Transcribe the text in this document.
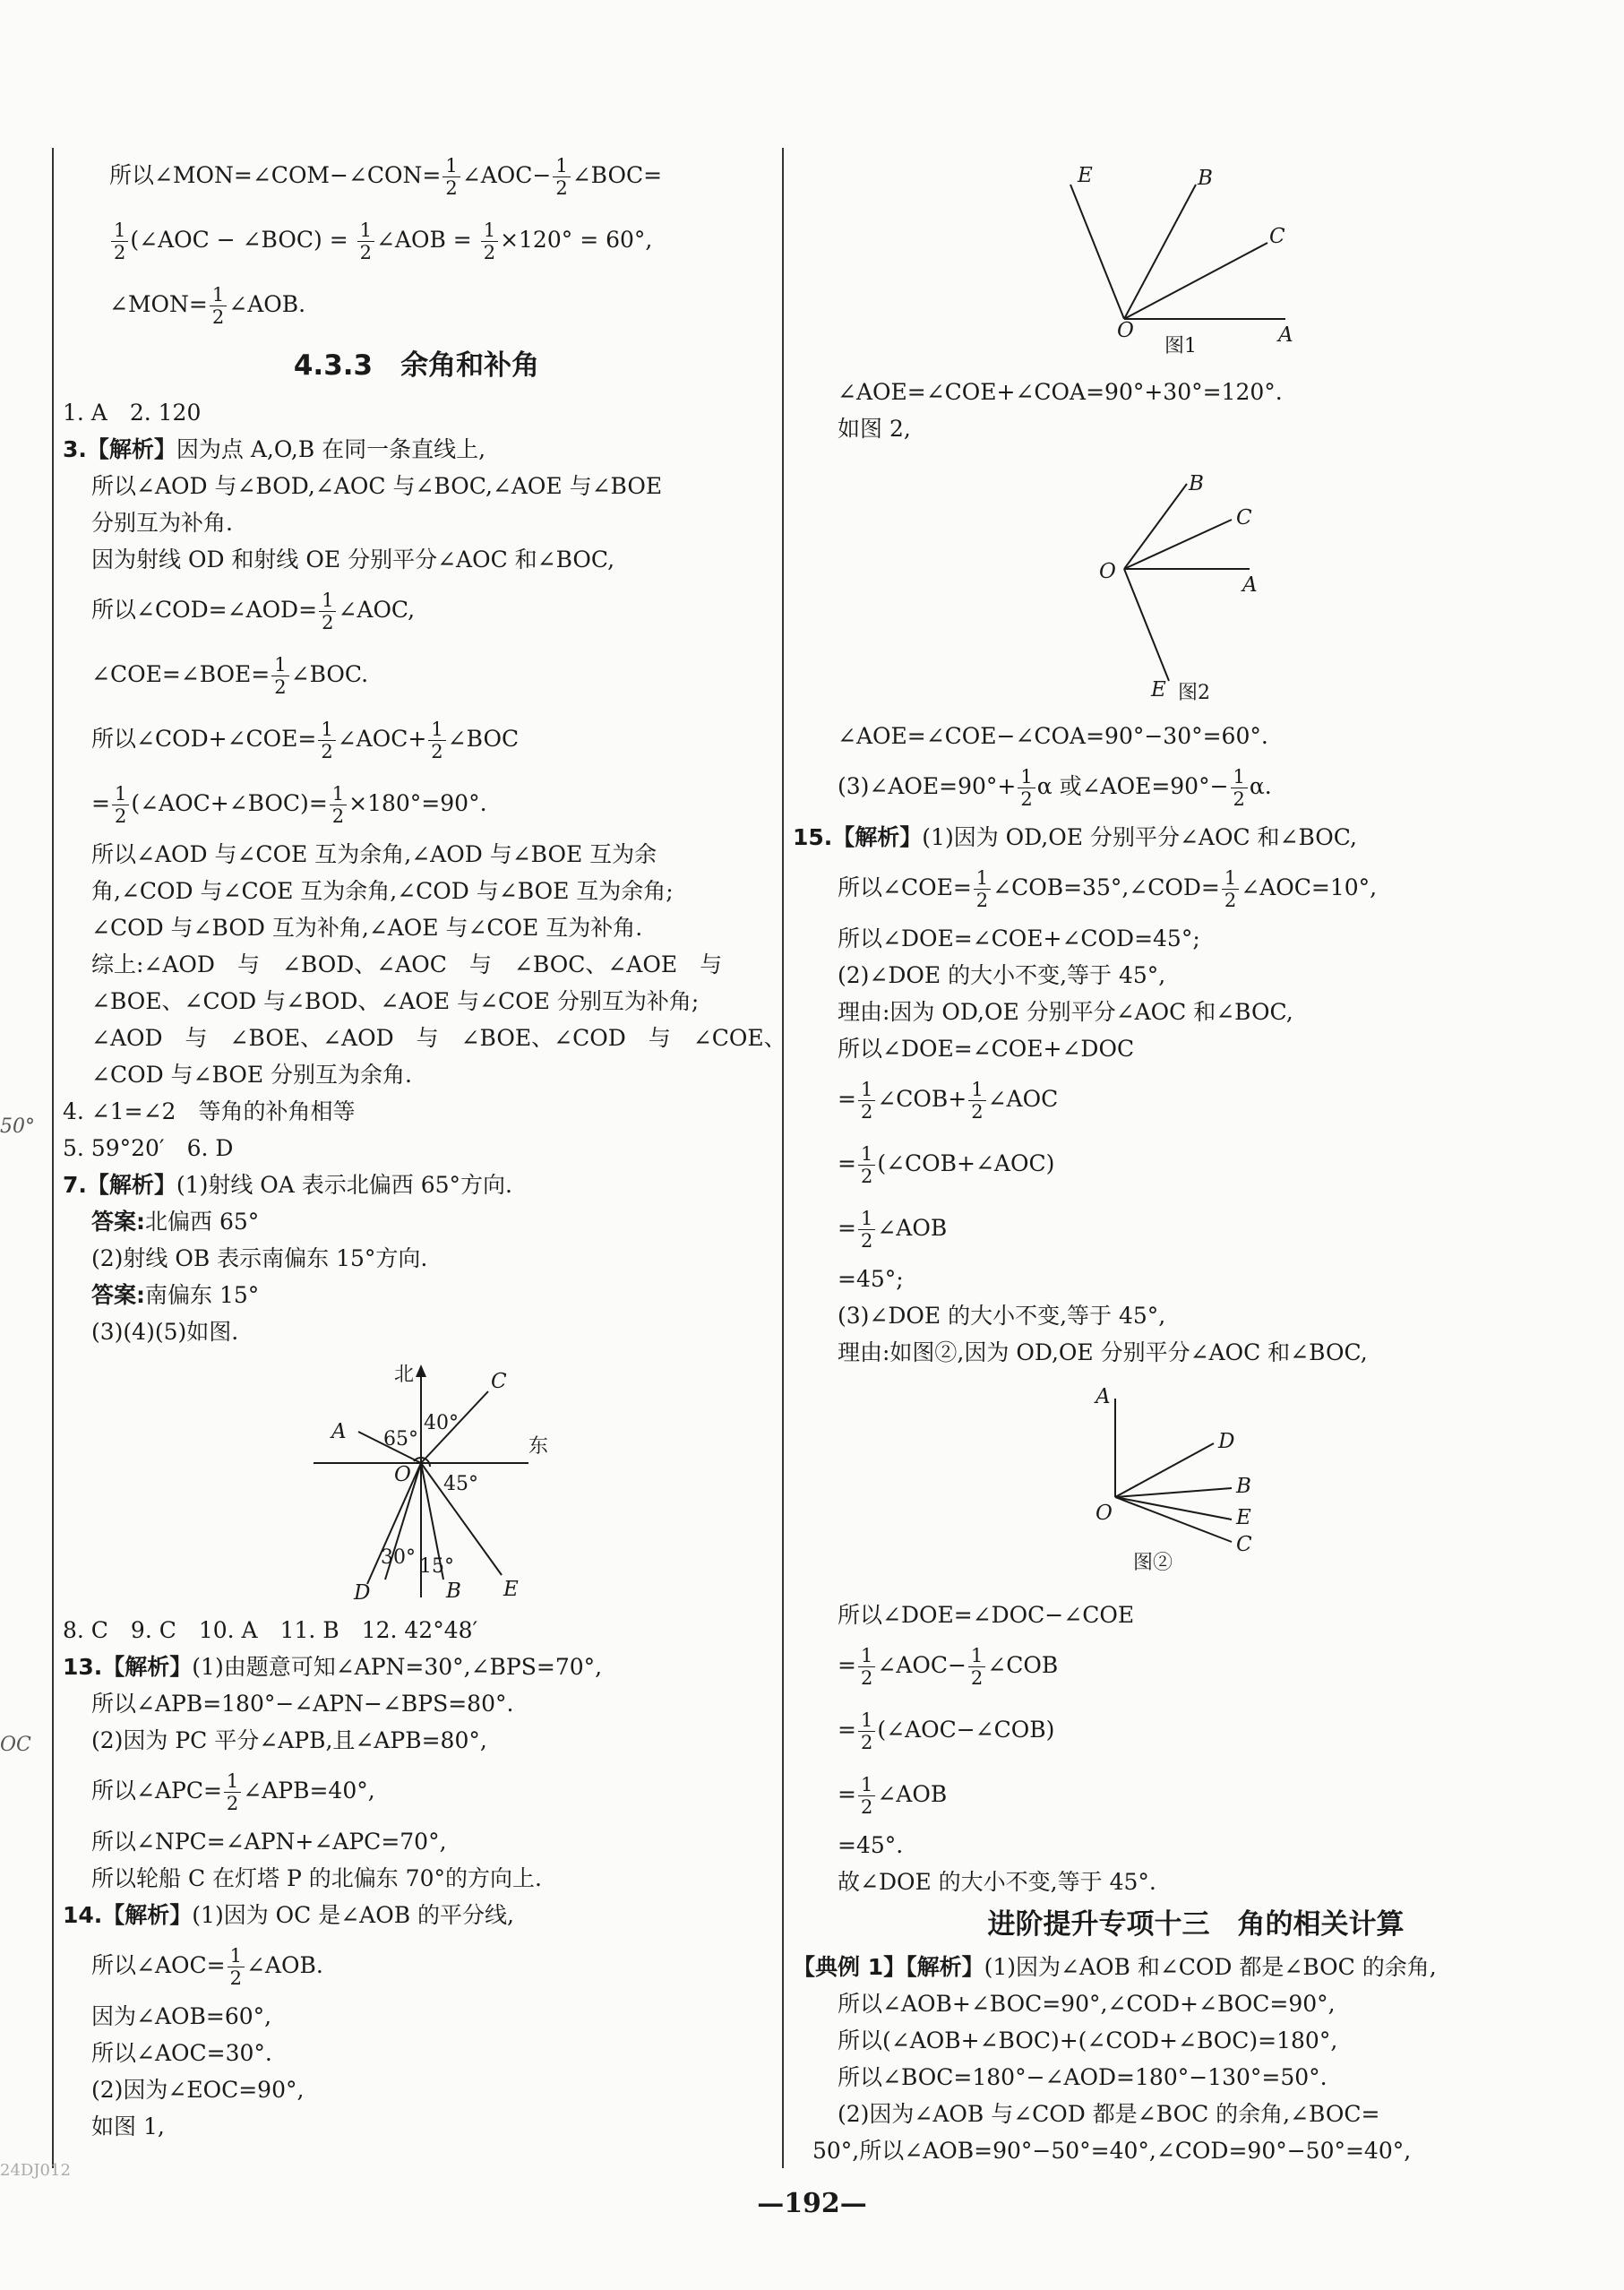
50°
OC
24DJ012
所以∠MON=∠COM−∠CON= $\frac{1}{2}$ ∠AOC− $\frac{1}{2}$ ∠BOC=
$\frac{1}{2}$ (∠AOC − ∠BOC) = $\frac{1}{2}$ ∠AOB = $\frac{1}{2} \times 120^\circ = 60^\circ$,
∠MON= $\frac{1}{2}$ ∠AOB.
4.3.3　余角和补角
1. A　2. 120
3.【解析】因为点 A,O,B 在同一条直线上,
所以∠AOD 与∠BOD,∠AOC 与∠BOC,∠AOE 与∠BOE
分别互为补角.
因为射线 OD 和射线 OE 分别平分∠AOC 和∠BOC,
所以∠COD=∠AOD= $\frac{1}{2}$ ∠AOC,
∠COE=∠BOE= $\frac{1}{2}$ ∠BOC.
所以∠COD+∠COE= $\frac{1}{2}$ ∠AOC+ $\frac{1}{2}$ ∠BOC
= $\frac{1}{2}$ (∠AOC+∠BOC)= $\frac{1}{2} \times 180^\circ=90^\circ$.
所以∠AOD 与∠COE 互为余角,∠AOD 与∠BOE 互为余
角,∠COD 与∠COE 互为余角,∠COD 与∠BOE 互为余角;
∠COD 与∠BOD 互为补角,∠AOE 与∠COE 互为补角.
综上:∠AOD　与　∠BOD、∠AOC　与　∠BOC、∠AOE　与
∠BOE、∠COD 与∠BOD、∠AOE 与∠COE 分别互为补角;
∠AOD　与　∠BOE、∠AOD　与　∠BOE、∠COD　与　∠COE、
∠COD 与∠BOE 分别互为余角.
4. ∠1=∠2　等角的补角相等
5. 59°20′　6. D
7.【解析】(1)射线 OA 表示北偏西 65°方向.
答案:北偏西 65°
(2)射线 OB 表示南偏东 15°方向.
答案:南偏东 15°
(3)(4)(5)如图.
北
东
A
C
B E
D
O
65°
40°
45°
30° 15°
8. C　9. C　10. A　11. B　12. 42°48′
13.【解析】(1)由题意可知∠APN=30°,∠BPS=70°,
所以∠APB=180°−∠APN−∠BPS=80°.
(2)因为 PC 平分∠APB,且∠APB=80°,
所以∠APC= $\frac{1}{2}$ ∠APB=40°,
所以∠NPC=∠APN+∠APC=70°,
所以轮船 C 在灯塔 P 的北偏东 70°的方向上.
14.【解析】(1)因为 OC 是∠AOB 的平分线,
所以∠AOC= $\frac{1}{2}$ ∠AOB.
因为∠AOB=60°,
所以∠AOC=30°.
(2)因为∠EOC=90°,
如图 1,
E	B
C
O	A
图1
∠AOE=∠COE+∠COA=90°+30°=120°.
如图 2,
B
C
O
A
E 图2
∠AOE=∠COE−∠COA=90°−30°=60°.
(3)∠AOE=90°+ $\frac{1}{2}$ α 或∠AOE=90°− $\frac{1}{2} \alpha$.
15.【解析】(1)因为 OD,OE 分别平分∠AOC 和∠BOC,
所以∠COE= $\frac{1}{2}$ ∠COB=35°,∠COD= $\frac{1}{2}$ ∠AOC=10°,
所以∠DOE=∠COE+∠COD=45°;
(2)∠DOE 的大小不变,等于 45°,
理由:因为 OD,OE 分别平分∠AOC 和∠BOC,
所以∠DOE=∠COE+∠DOC
= $\frac{1}{2}$ ∠COB+ $\frac{1}{2}$ ∠AOC
= $\frac{1}{2}$ (∠COB+∠AOC)
= $\frac{1}{2}$ ∠AOB
=45°;
(3)∠DOE 的大小不变,等于 45°,
理由:如图②,因为 OD,OE 分别平分∠AOC 和∠BOC,
A
D
B
O	E
C
图②
所以∠DOE=∠DOC−∠COE
= $\frac{1}{2}$ ∠AOC− $\frac{1}{2}$ ∠COB
= $\frac{1}{2}$ (∠AOC−∠COB)
= $\frac{1}{2}$ ∠AOB
=45°.
故∠DOE 的大小不变,等于 45°.
进阶提升专项十三　角的相关计算
【典例 1】【解析】(1)因为∠AOB 和∠COD 都是∠BOC 的余角,
所以∠AOB+∠BOC=90°,∠COD+∠BOC=90°,
所以(∠AOB+∠BOC)+(∠COD+∠BOC)=180°,
所以∠BOC=180°−∠AOD=180°−130°=50°.
(2)因为∠AOB 与∠COD 都是∠BOC 的余角,∠BOC=
50°,所以∠AOB=90°−50°=40°,∠COD=90°−50°=40°,
—192—
